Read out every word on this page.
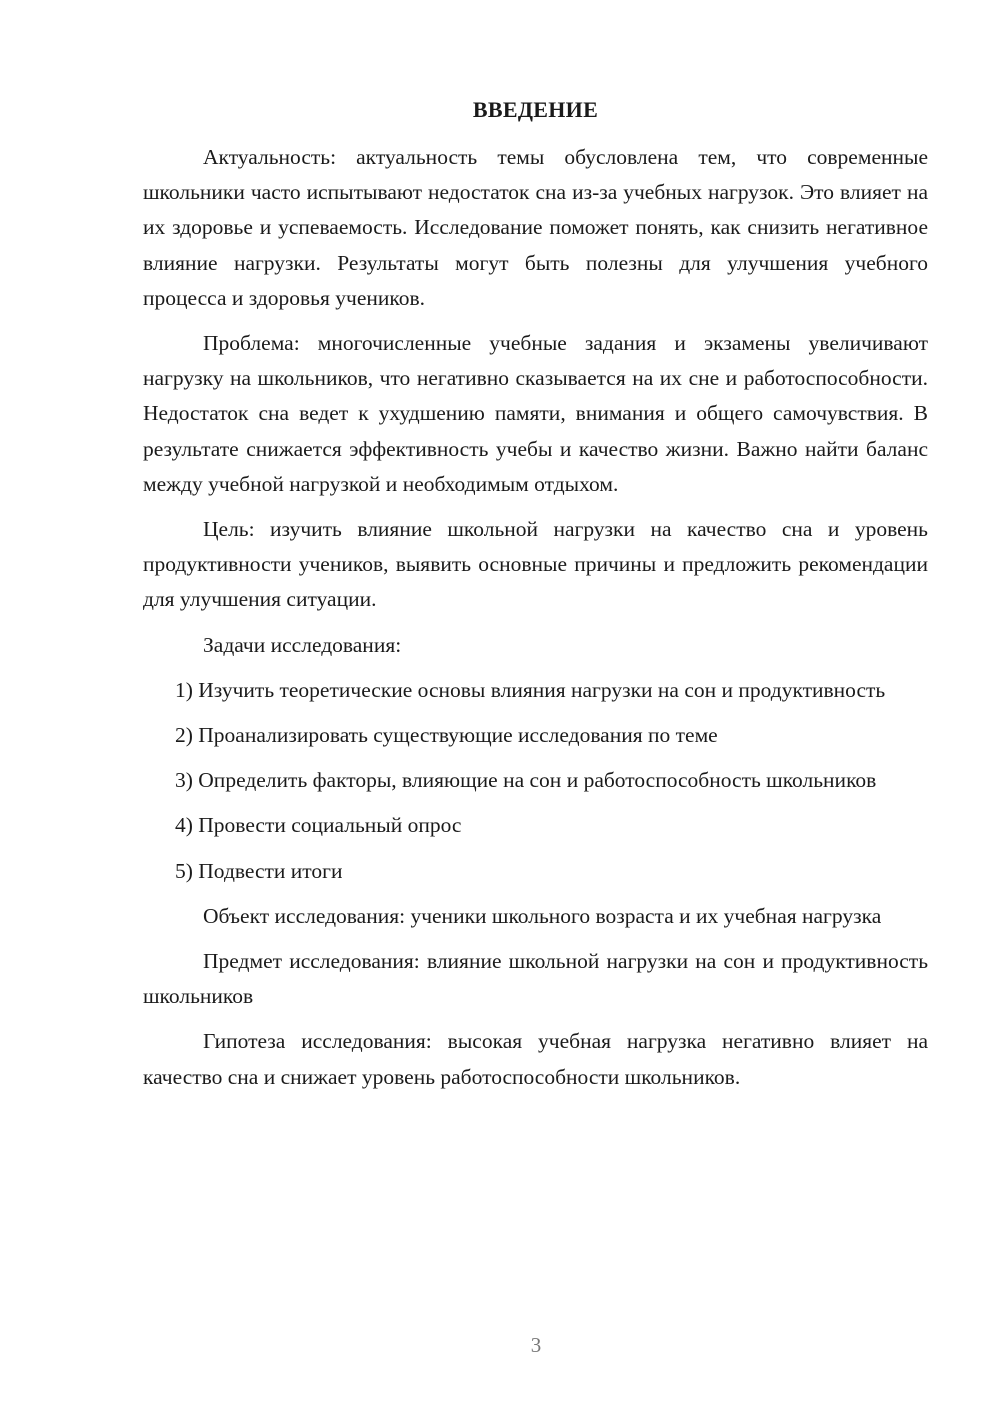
ВВЕДЕНИЕ

Актуальность: актуальность темы обусловлена тем, что современные школьники часто испытывают недостаток сна из-за учебных нагрузок. Это влияет на их здоровье и успеваемость. Исследование поможет понять, как снизить негативное влияние нагрузки. Результаты могут быть полезны для улучшения учебного процесса и здоровья учеников.

Проблема: многочисленные учебные задания и экзамены увеличивают нагрузку на школьников, что негативно сказывается на их сне и работоспособности. Недостаток сна ведет к ухудшению памяти, внимания и общего самочувствия. В результате снижается эффективность учебы и качество жизни. Важно найти баланс между учебной нагрузкой и необходимым отдыхом.

Цель: изучить влияние школьной нагрузки на качество сна и уровень продуктивности учеников, выявить основные причины и предложить рекомендации для улучшения ситуации.

Задачи исследования:

1) Изучить теоретические основы влияния нагрузки на сон и продуктивность

2) Проанализировать существующие исследования по теме

3) Определить факторы, влияющие на сон и работоспособность школьников

4) Провести социальный опрос

5) Подвести итоги

Объект исследования: ученики школьного возраста и их учебная нагрузка

Предмет исследования: влияние школьной нагрузки на сон и продуктивность школьников

Гипотеза исследования: высокая учебная нагрузка негативно влияет на качество сна и снижает уровень работоспособности школьников.

3
